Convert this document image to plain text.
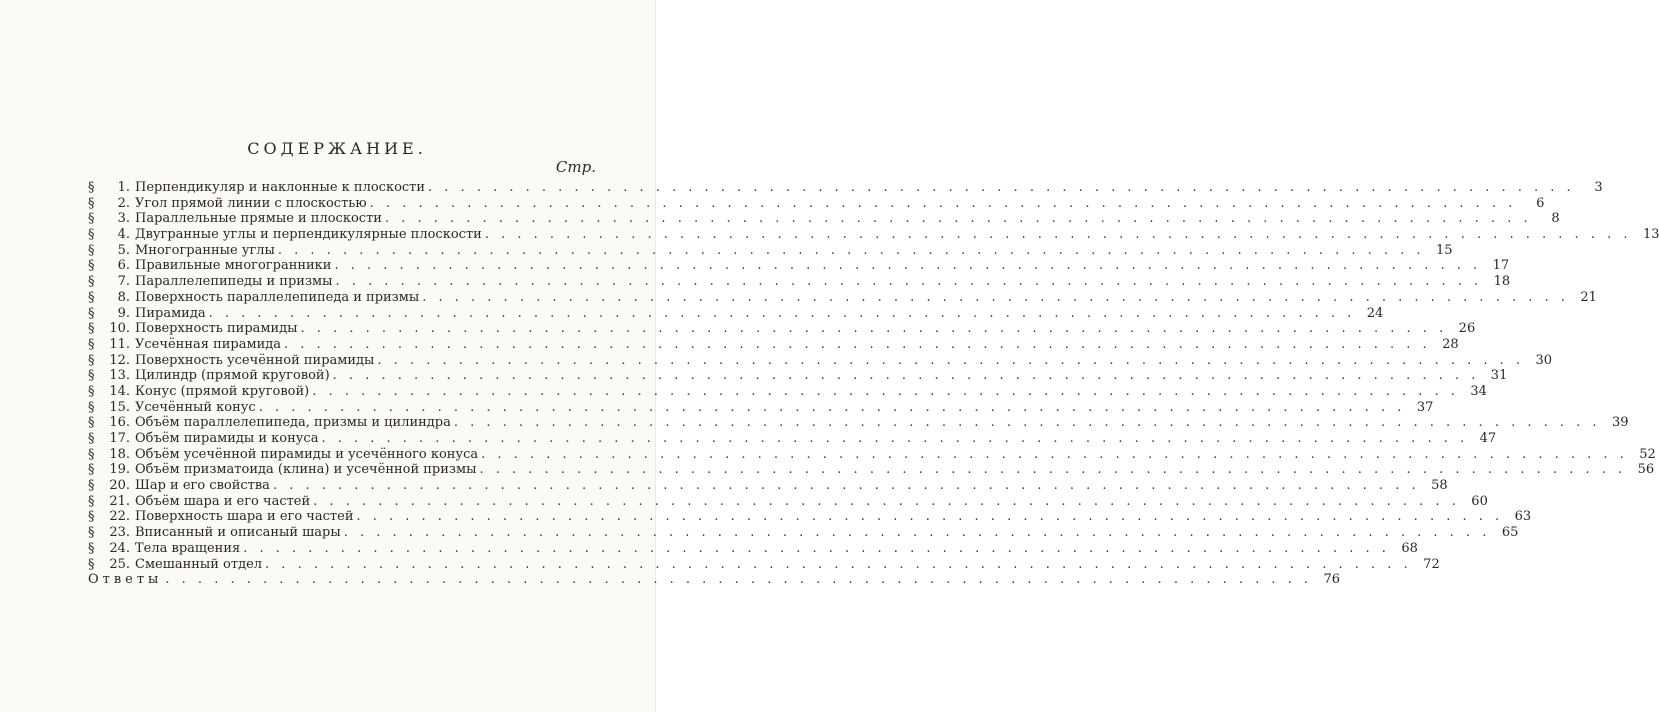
СОДЕРЖАНИЕ.
Стр.
§	1. Перпендикуляр и наклонные к плоскости . . .	3
§	2. Угол прямой линии с плоскостью . . .	6
§	3. Параллельные прямые и плоскости . . .	8
§	4. Двугранные углы и перпендикулярные плоскости . . .	13
§	5. Многогранные углы . . .	15
§	6. Правильные многогранники . . .	17
§	7. Параллелепипеды и призмы . . .	18
§	8. Поверхность параллелепипеда и призмы . . .	21
§	9. Пирамида . . .	24
§	10. Поверхность пирамиды . . .	26
§	11. Усечённая пирамида . . .	28
§	12. Поверхность усечённой пирамиды . . .	30
§	13. Цилиндр (прямой круговой) . . .	31
§	14. Конус (прямой круговой) . . .	34
§	15. Усечённый конус . . .	37
§	16. Объём параллелепипеда, призмы и цилиндра . . .	39
§	17. Объём пирамиды и конуса . . .	47
§	18. Объём усечённой пирамиды и усечённого конуса . . .	52
§	19. Объём призматоида (клина) и усечённой призмы . . .	56
§	20. Шар и его свойства . . .	58
§	21. Объём шара и его частей . . .	60
§	22. Поверхность шара и его частей . . .	63
§	23. Вписанный и описаный шары . . .	65
§	24. Тела вращения . . .	68
§	25. Смешанный отдел . . .	72
Ответы . . .	76
